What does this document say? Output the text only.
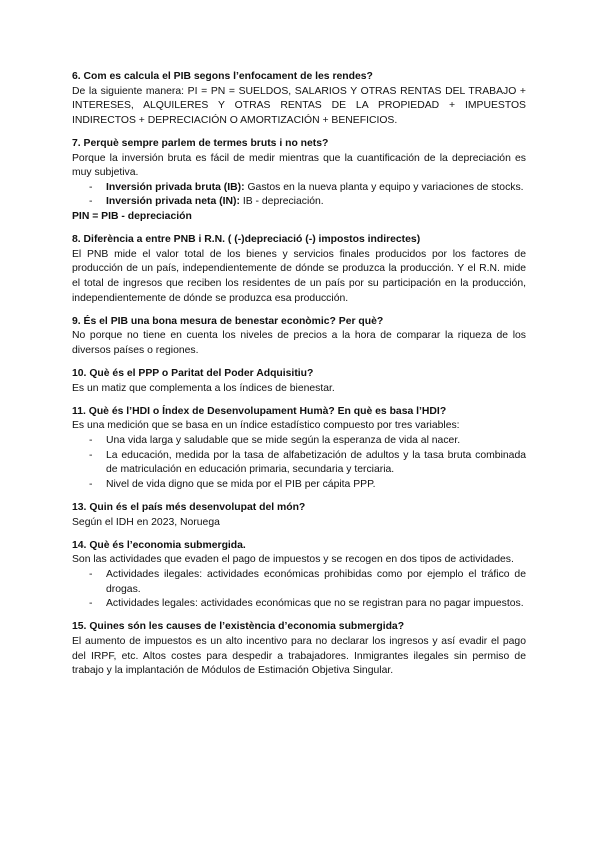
6. Com es calcula el PIB segons l’enfocament de les rendes?
De la siguiente manera: PI = PN = SUELDOS, SALARIOS Y OTRAS RENTAS DEL TRABAJO + INTERESES, ALQUILERES Y OTRAS RENTAS DE LA PROPIEDAD + IMPUESTOS INDIRECTOS + DEPRECIACIÓN O AMORTIZACIÓN + BENEFICIOS.
7. Perquè sempre parlem de termes bruts i no nets?
Porque la inversión bruta es fácil de medir mientras que la cuantificación de la depreciación es muy subjetiva.
- Inversión privada bruta (IB): Gastos en la nueva planta y equipo y variaciones de stocks.
- Inversión privada neta (IN): IB - depreciación.
PIN = PIB - depreciación
8. Diferència a entre PNB i R.N. ( (-)depreciació (-) impostos indirectes)
El PNB mide el valor total de los bienes y servicios finales producidos por los factores de producción de un país, independientemente de dónde se produzca la producción. Y el R.N. mide el total de ingresos que reciben los residentes de un país por su participación en la producción, independientemente de dónde se produzca esa producción.
9. És el PIB una bona mesura de benestar econòmic? Per què?
No porque no tiene en cuenta los niveles de precios a la hora de comparar la riqueza de los diversos países o regiones.
10. Què és el PPP o Paritat del Poder Adquisitiu?
Es un matiz que complementa a los índices de bienestar.
11. Què és l’HDI o Índex de Desenvolupament Humà? En què es basa l’HDI?
Es una medición que se basa en un índice estadístico compuesto por tres variables:
- Una vida larga y saludable que se mide según la esperanza de vida al nacer.
- La educación, medida por la tasa de alfabetización de adultos y la tasa bruta combinada de matriculación en educación primaria, secundaria y terciaria.
- Nivel de vida digno que se mida por el PIB per cápita PPP.
13. Quin és el país més desenvolupat del món?
Según el IDH en 2023, Noruega
14. Què és l’economia submergida.
Son las actividades que evaden el pago de impuestos y se recogen en dos tipos de actividades.
- Actividades ilegales: actividades económicas prohibidas como por ejemplo el tráfico de drogas.
- Actividades legales: actividades económicas que no se registran para no pagar impuestos.
15. Quines són les causes de l’existència d’economia submergida?
El aumento de impuestos es un alto incentivo para no declarar los ingresos y así evadir el pago del IRPF, etc. Altos costes para despedir a trabajadores. Inmigrantes ilegales sin permiso de trabajo y la implantación de Módulos de Estimación Objetiva Singular.
